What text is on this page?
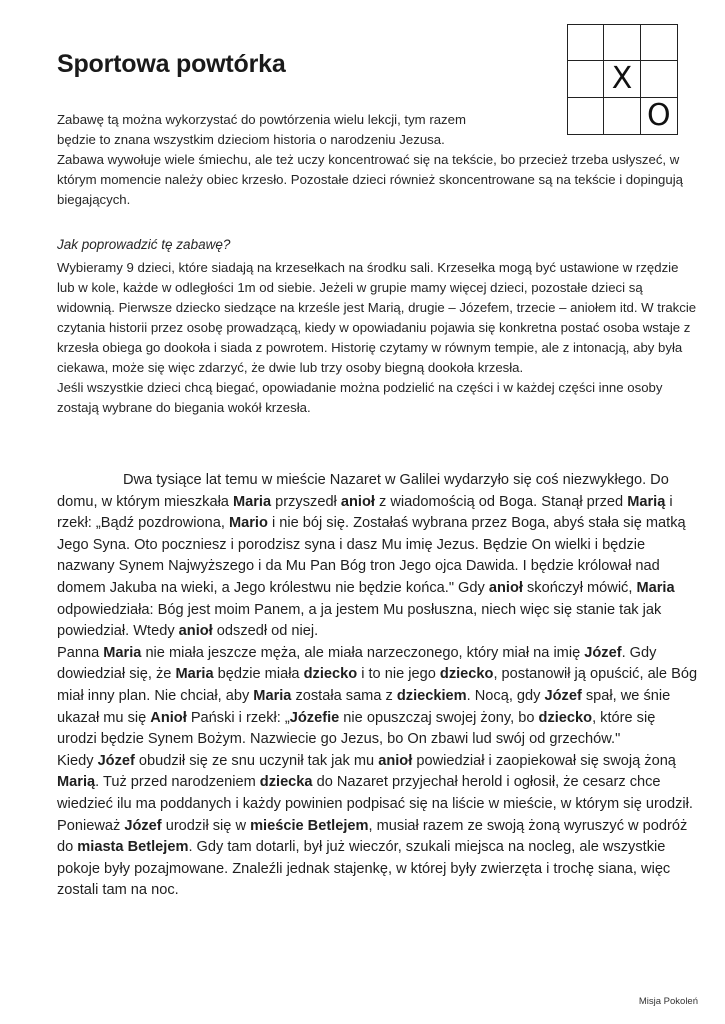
Sportowa powtórka	X
O

Zabawę tą można wykorzystać do powtórzenia wielu lekcji, tym razem

będzie to znana wszystkim dzieciom historia o narodzeniu Jezusa.

Zabawa wywołuje wiele śmiechu, ale też uczy koncentrować się na tekście, bo przecież trzeba usłyszeć, w którym momencie należy obiec krzesło. Pozostałe dzieci również skoncentrowane są na tekście i dopingują biegających.

Jak poprowadzić tę zabawę?

Wybieramy 9 dzieci, które siadają na krzesełkach na środku sali. Krzesełka mogą być ustawione w rzędzie lub w kole, każde w odległości 1m od siebie. Jeżeli w grupie mamy więcej dzieci, pozostałe dzieci są widownią. Pierwsze dziecko siedzące na krześle jest Marią, drugie – Józefem, trzecie – aniołem itd. W trakcie czytania historii przez osobę prowadzącą, kiedy w opowiadaniu pojawia się konkretna postać osoba wstaje z krzesła obiega go dookoła i siada z powrotem. Historię czytamy w równym tempie, ale z intonacją, aby była ciekawa, może się więc zdarzyć, że dwie lub trzy osoby biegną dookoła krzesła.

Jeśli wszystkie dzieci chcą biegać, opowiadanie można podzielić na części i w każdej części inne osoby zostają wybrane do biegania wokół krzesła.

Dwa tysiące lat temu w mieście Nazaret w Galilei wydarzyło się coś niezwykłego. Do domu, w którym mieszkała Maria przyszedł anioł z wiadomością od Boga. Stanął przed Marią i rzekł: „Bądź pozdrowiona, Mario i nie bój się. Zostałaś wybrana przez Boga, abyś stała się matką Jego Syna. Oto poczniesz i porodzisz syna i dasz Mu imię Jezus. Będzie On wielki i będzie nazwany Synem Najwyższego i da Mu Pan Bóg tron Jego ojca Dawida. I będzie królował nad domem Jakuba na wieki, a Jego królestwu nie będzie końca." Gdy anioł skończył mówić, Maria odpowiedziała: Bóg jest moim Panem, a ja jestem Mu posłuszna, niech więc się stanie tak jak powiedział. Wtedy anioł odszedł od niej.

Panna Maria nie miała jeszcze męża, ale miała narzeczonego, który miał na imię Józef. Gdy dowiedział się, że Maria będzie miała dziecko i to nie jego dziecko, postanowił ją opuścić, ale Bóg miał inny plan. Nie chciał, aby Maria została sama z dzieckiem. Nocą, gdy Józef spał, we śnie ukazał mu się Anioł Pański i rzekł: „Józefie nie opuszczaj swojej żony, bo dziecko, które się urodzi będzie Synem Bożym. Nazwiecie go Jezus, bo On zbawi lud swój od grzechów."

Kiedy Józef obudził się ze snu uczynił tak jak mu anioł powiedział i zaopiekował się swoją żoną Marią. Tuż przed narodzeniem dziecka do Nazaret przyjechał herold i ogłosił, że cesarz chce wiedzieć ilu ma poddanych i każdy powinien podpisać się na liście w mieście, w którym się urodził. Ponieważ Józef urodził się w mieście Betlejem, musiał razem ze swoją żoną wyruszyć w podróż do miasta Betlejem. Gdy tam dotarli, był już wieczór, szukali miejsca na nocleg, ale wszystkie pokoje były pozajmowane. Znaleźli jednak stajenkę, w której były zwierzęta i trochę siana, więc zostali tam na noc.

Misja Pokoleń
